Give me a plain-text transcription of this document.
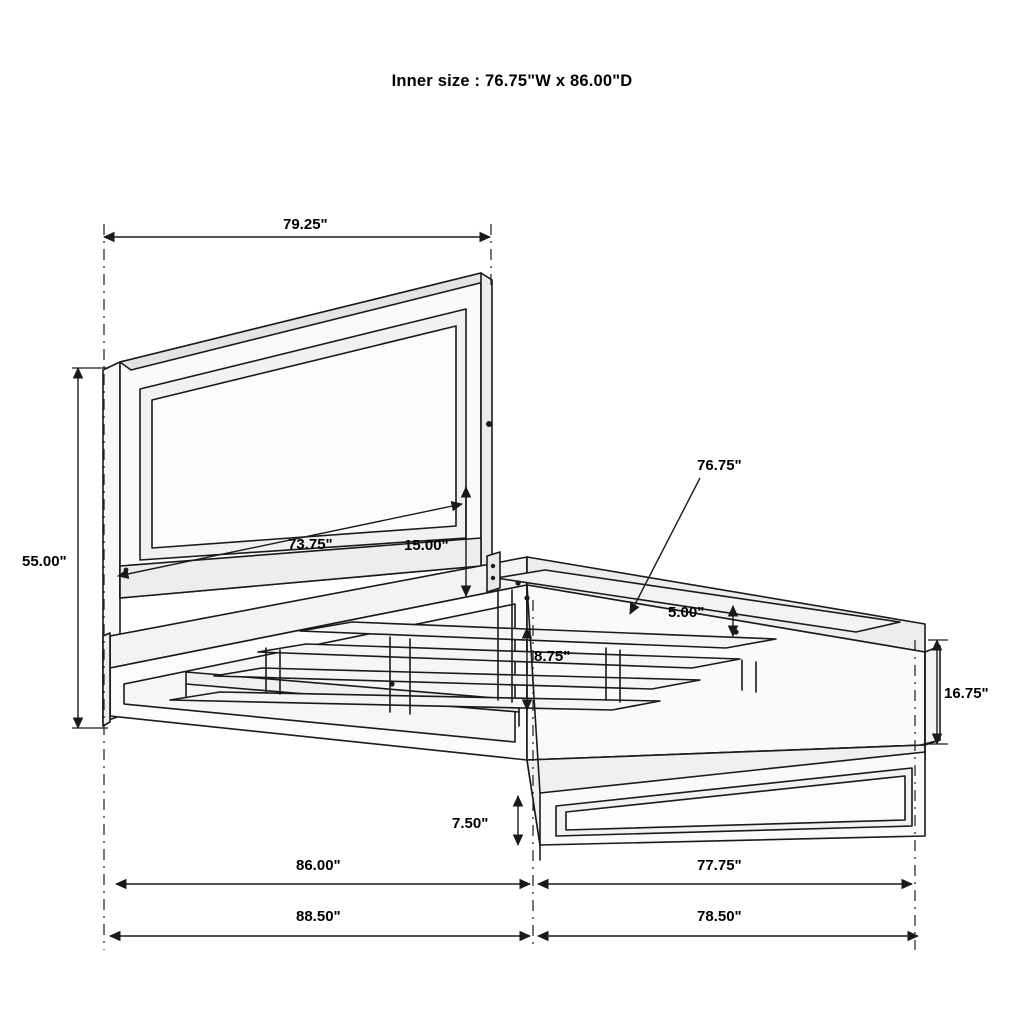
Inner size : 76.75"W x 86.00"D
79.25"
55.00"
73.75"	15.00"
76.75"
5.00"
8.75"
16.75"
7.50"
86.00"	77.75"
88.50"	78.50"
